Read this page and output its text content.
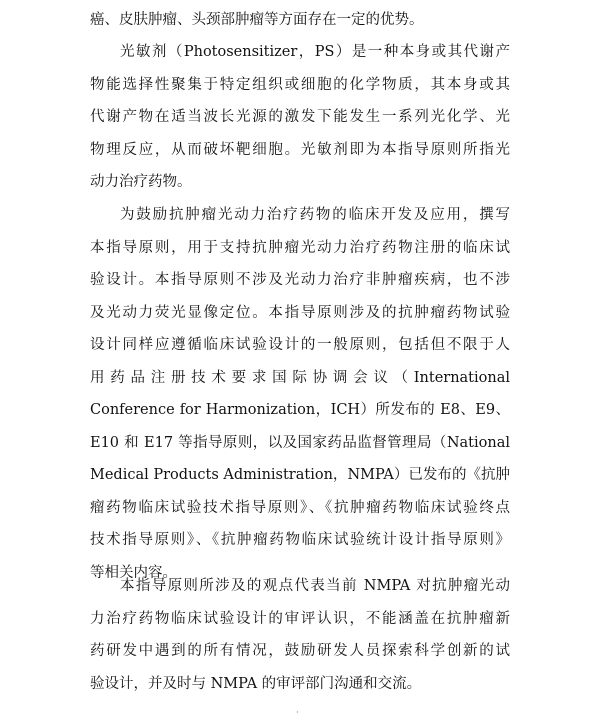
癌、皮肤肿瘤、头颈部肿瘤等方面存在一定的优势。
光敏剂（Photosensitizer，PS）是一种本身或其代谢产
物能选择性聚集于特定组织或细胞的化学物质，其本身或其
代谢产物在适当波长光源的激发下能发生一系列光化学、光
物理反应，从而破坏靶细胞。光敏剂即为本指导原则所指光
动力治疗药物。
为鼓励抗肿瘤光动力治疗药物的临床开发及应用，撰写
本指导原则，用于支持抗肿瘤光动力治疗药物注册的临床试
验设计。本指导原则不涉及光动力治疗非肿瘤疾病，也不涉
及光动力荧光显像定位。本指导原则涉及的抗肿瘤药物试验
设计同样应遵循临床试验设计的一般原则，包括但不限于人
用药品注册技术要求国际协调会议（International
Conference for Harmonization，ICH）所发布的 E8、E9、
E10 和 E17 等指导原则，以及国家药品监督管理局（National
Medical Products Administration，NMPA）已发布的《抗肿
瘤药物临床试验技术指导原则》、《抗肿瘤药物临床试验终点
技术指导原则》、《抗肿瘤药物临床试验统计设计指导原则》
等相关内容。
本指导原则所涉及的观点代表当前 NMPA 对抗肿瘤光动
力治疗药物临床试验设计的审评认识，不能涵盖在抗肿瘤新
药研发中遇到的所有情况，鼓励研发人员探索科学创新的试
验设计，并及时与 NMPA 的审评部门沟通和交流。
·
